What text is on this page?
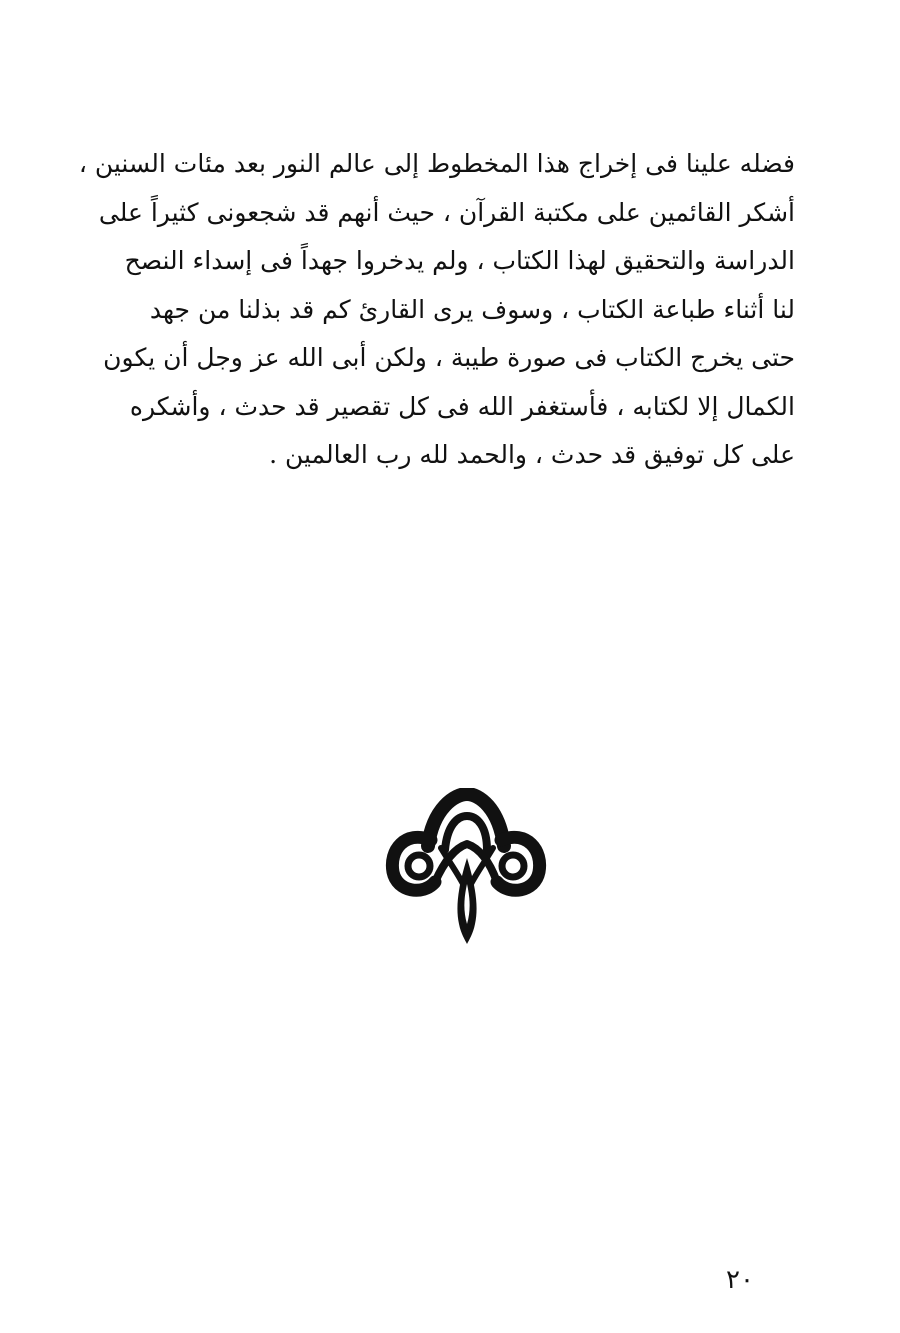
فضله علينا فى إخراج هذا المخطوط إلى عالم النور بعد مئات السنين ،
أشكر القائمين على مكتبة القرآن ، حيث أنهم قد شجعونى كثيراً على
الدراسة والتحقيق لهذا الكتاب ، ولم يدخروا جهداً فى إسداء النصح
لنا أثناء طباعة الكتاب ، وسوف يرى القارئ كم قد بذلنا من جهد
حتى يخرج الكتاب فى صورة طيبة ، ولكن أبى الله عز وجل أن يكون
الكمال إلا لكتابه ، فأستغفر الله فى كل تقصير قد حدث ، وأشكره
على كل توفيق قد حدث ، والحمد لله رب العالمين .
٢٠
